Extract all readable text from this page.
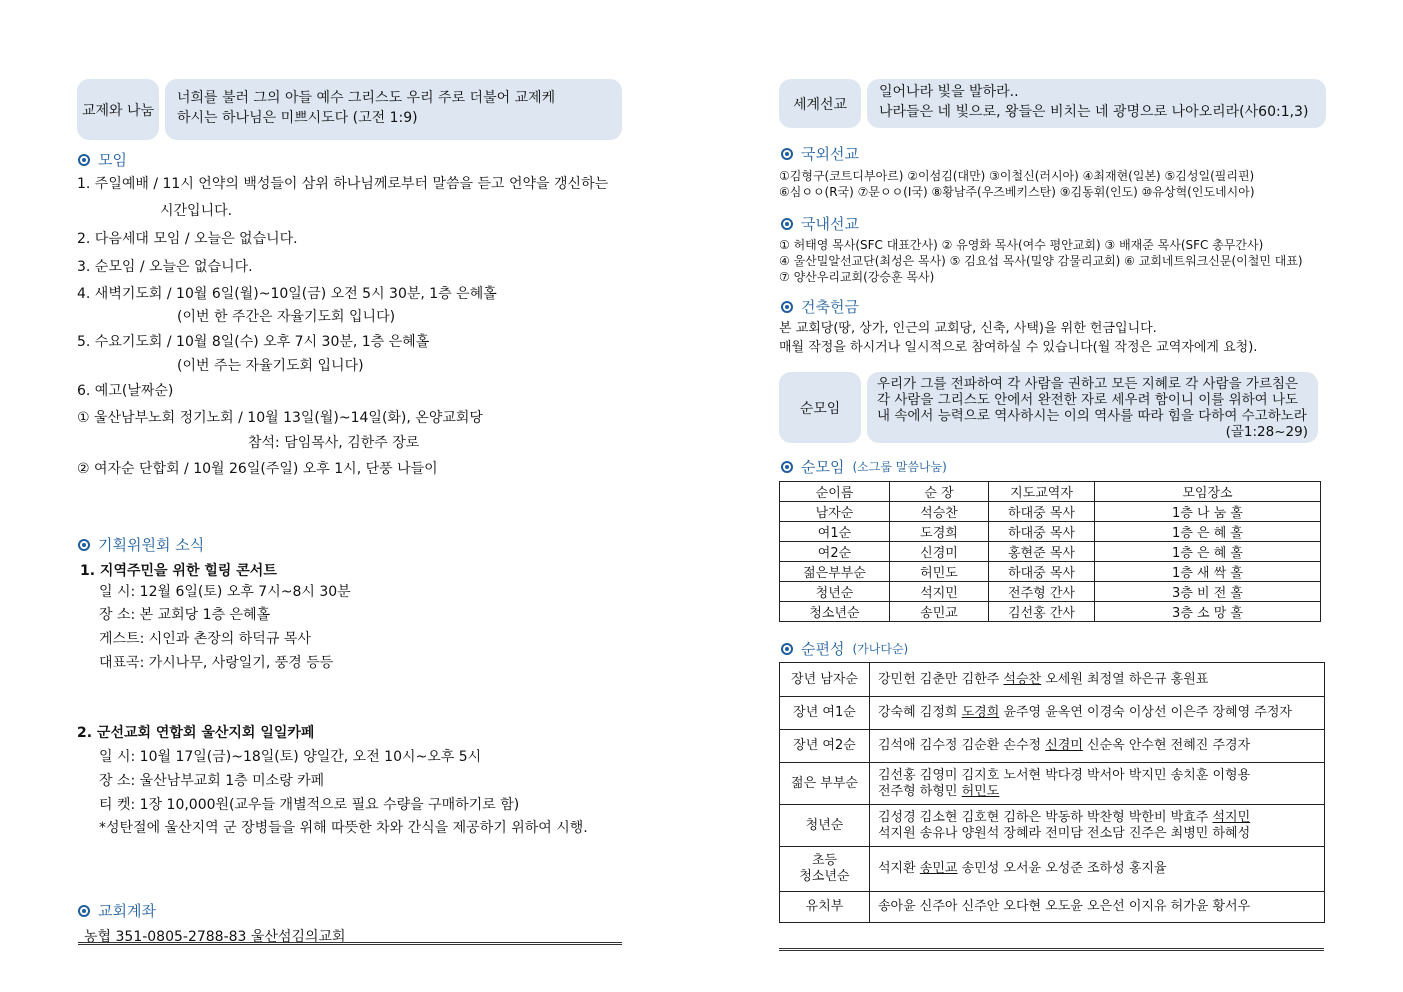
교제와 나눔
너희를 불러 그의 아들 예수 그리스도 우리 주로 더불어 교제케
하시는 하나님은 미쁘시도다 (고전 1:9)
모임
1. 주일예배 / 11시 언약의 백성들이 삼위 하나님께로부터 말씀을 듣고 언약을 갱신하는
시간입니다.
2. 다음세대 모임 / 오늘은 없습니다.
3. 순모임 / 오늘은 없습니다.
4. 새벽기도회 / 10월 6일(월)~10일(금) 오전 5시 30분, 1층 은혜홀
(이번 한 주간은 자율기도회 입니다)
5. 수요기도회 / 10월 8일(수) 오후 7시 30분, 1층 은혜홀
(이번 주는 자율기도회 입니다)
6. 예고(날짜순)
① 울산남부노회 정기노회 / 10월 13일(월)~14일(화), 온양교회당
참석: 담임목사, 김한주 장로
② 여자순 단합회 / 10월 26일(주일) 오후 1시, 단풍 나들이
기획위원회 소식
1. 지역주민을 위한 힐링 콘서트
일 시: 12월 6일(토) 오후 7시~8시 30분
장 소: 본 교회당 1층 은혜홀
게스트: 시인과 촌장의 하덕규 목사
대표곡: 가시나무, 사랑일기, 풍경 등등
2. 군선교회 연합회 울산지회 일일카페
일 시: 10월 17일(금)~18일(토) 양일간, 오전 10시~오후 5시
장 소: 울산남부교회 1층 미소랑 카페
티 켓: 1장 10,000원(교우들 개별적으로 필요 수량을 구매하기로 함)
*성탄절에 울산지역 군 장병들을 위해 따뜻한 차와 간식을 제공하기 위하여 시행.
교회계좌
농협 351-0805-2788-83 울산섬김의교회
세계선교
일어나라 빛을 발하라..
나라들은 네 빛으로, 왕들은 비치는 네 광명으로 나아오리라(사60:1,3)
국외선교
①김형구(코트디부아르) ②이섬김(대만) ③이철신(러시아) ④최재현(일본) ⑤김성일(필리핀)
⑥심ㅇㅇ(R국) ⑦문ㅇㅇ(I국) ⑧황남주(우즈베키스탄) ⑨김동휘(인도) ⑩유상혁(인도네시아)
국내선교
① 허태영 목사(SFC 대표간사) ② 유영화 목사(여수 평안교회) ③ 배재준 목사(SFC 총무간사)
④ 울산밀알선교단(최성은 목사) ⑤ 김요섭 목사(밀양 감물리교회) ⑥ 교회네트워크신문(이철민 대표)
⑦ 양산우리교회(강승훈 목사)
건축헌금
본 교회당(땅, 상가, 인근의 교회당, 신축, 사택)을 위한 헌금입니다.
매월 작정을 하시거나 일시적으로 참여하실 수 있습니다(월 작정은 교역자에게 요청).
순모임
우리가 그를 전파하여 각 사람을 권하고 모든 지혜로 각 사람을 가르침은
각 사람을 그리스도 안에서 완전한 자로 세우려 함이니 이를 위하여 나도
내 속에서 능력으로 역사하시는 이의 역사를 따라 힘을 다하여 수고하노라
(골1:28~29)
순모임 (소그룹 말씀나눔)
순이름	순 장	지도교역자	모임장소
남자순	석승찬	하대중 목사	1층 나 눔 홀
여1순	도경희	하대중 목사	1층 은 혜 홀
여2순	신경미	홍현준 목사	1층 은 혜 홀
젊은부부순	허민도	하대중 목사	1층 새 싹 홀
청년순	석지민	전주형 간사	3층 비 전 홀
청소년순	송민교	김선홍 간사	3층 소 망 홀
순편성 (가나다순)
장년 남자순	강민헌 김춘만 김한주 석승찬 오세원 최정열 하은규 홍원표
장년 여1순	강숙혜 김정희 도경희 윤주영 윤옥연 이경숙 이상선 이은주 장혜영 주정자
장년 여2순	김석애 김수정 김순환 손수정 신경미 신순옥 안수현 전혜진 주경자
젊은 부부순	김선홍 김영미 김지호 노서현 박다경 박서아 박지민 송치훈 이형용
전주형 하형민 허민도

청년순	김성경 김소현 김호현 김하은 박동하 박찬형 박한비 박효주 석지민
석지원 송유나 양원석 장혜라 전미담 전소담 진주은 최병민 하혜성

초등
청소년순	석지환 송민교 송민성 오서윤 오성준 조하성 홍지율
유치부	송아윤 신주아 신주안 오다현 오도윤 오은선 이지유 허가윤 황서우
